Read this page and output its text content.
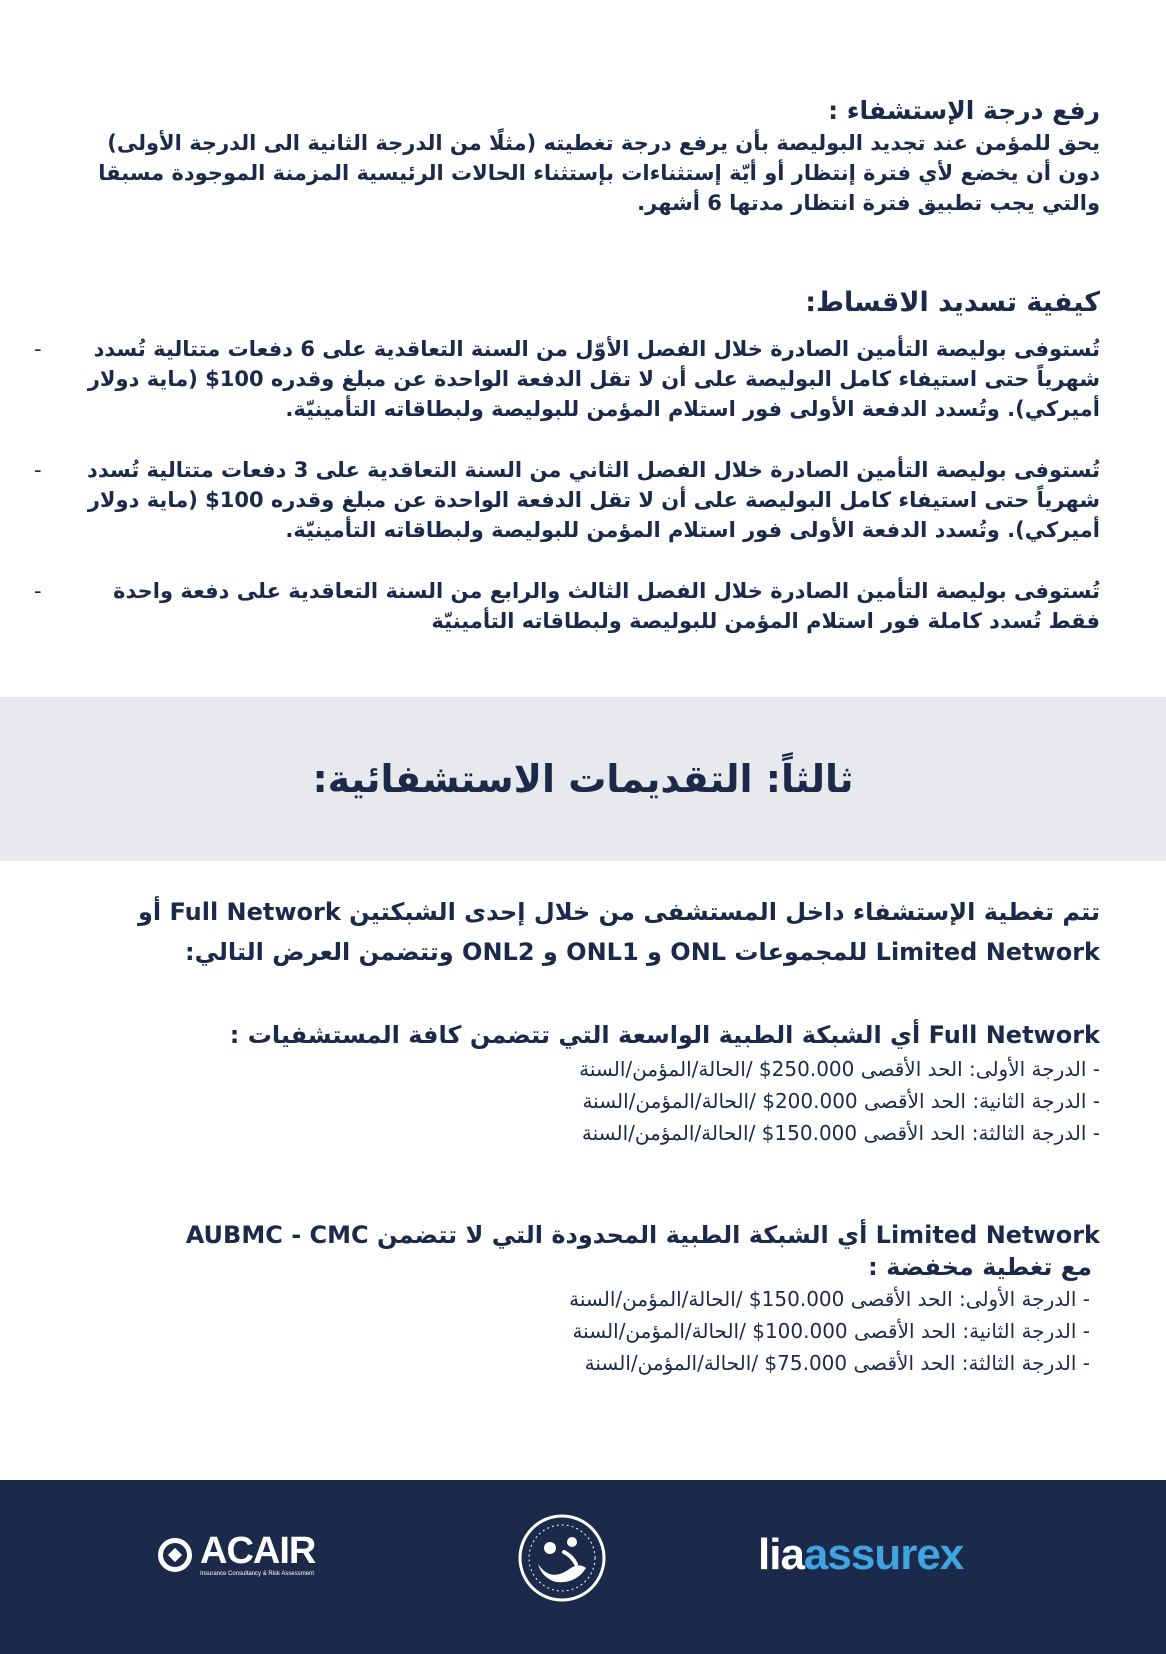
رفع درجة الإستشفاء :

يحق للمؤمن عند تجديد البوليصة بأن يرفع درجة تغطيته (مثلًا من الدرجة الثانية الى الدرجة الأولى) دون أن يخضع لأي فترة إنتظار أو أيّة إستثناءات بإستثناء الحالات الرئيسية المزمنة الموجودة مسبقا والتي يجب تطبيق فترة انتظار مدتها 6 أشهر.

كيفية تسديد الاقساط:

- تُستوفى بوليصة التأمين الصادرة خلال الفصل الأوّل من السنة التعاقدية على 6 دفعات متتالية تُسدد شهرياً حتى استيفاء كامل البوليصة على أن لا تقل الدفعة الواحدة عن مبلغ وقدره 100$ (ماية دولار أميركي). وتُسدد الدفعة الأولى فور استلام المؤمن للبوليصة ولبطاقاته التأمينيّة.
- تُستوفى بوليصة التأمين الصادرة خلال الفصل الثاني من السنة التعاقدية على 3 دفعات متتالية تُسدد شهرياً حتى استيفاء كامل البوليصة على أن لا تقل الدفعة الواحدة عن مبلغ وقدره 100$ (ماية دولار أميركي). وتُسدد الدفعة الأولى فور استلام المؤمن للبوليصة ولبطاقاته التأمينيّة.
-	تُستوفى بوليصة التأمين الصادرة خلال الفصل الثالث والرابع من السنة التعاقدية على دفعة واحدة فقط تُسدد كاملة فور استلام المؤمن للبوليصة ولبطاقاته التأمينيّة
ثالثاً: التقديمات الاستشفائية:

تتم تغطية الإستشفاء داخل المستشفى من خلال إحدى الشبكتين Full Network أو Limited Network للمجموعات ONL و ONL1 و ONL2 وتتضمن العرض التالي:

Full Network أي الشبكة الطبية الواسعة التي تتضمن كافة المستشفيات :

- الدرجة الأولى: الحد الأقصى 250.000$ /الحالة/المؤمن/السنة
- الدرجة الثانية: الحد الأقصى 200.000$ /الحالة/المؤمن/السنة
- الدرجة الثالثة: الحد الأقصى 150.000$ /الحالة/المؤمن/السنة

Limited Network أي الشبكة الطبية المحدودة التي لا تتضمن AUBMC - CMC

مع تغطية مخفضة :

- الدرجة الأولى: الحد الأقصى 150.000$ /الحالة/المؤمن/السنة
- الدرجة الثانية: الحد الأقصى 100.000$ /الحالة/المؤمن/السنة
- الدرجة الثالثة: الحد الأقصى 75.000$ /الحالة/المؤمن/السنة
ACAIR
Insurance Consultancy & Risk Assessment	liaassurex
